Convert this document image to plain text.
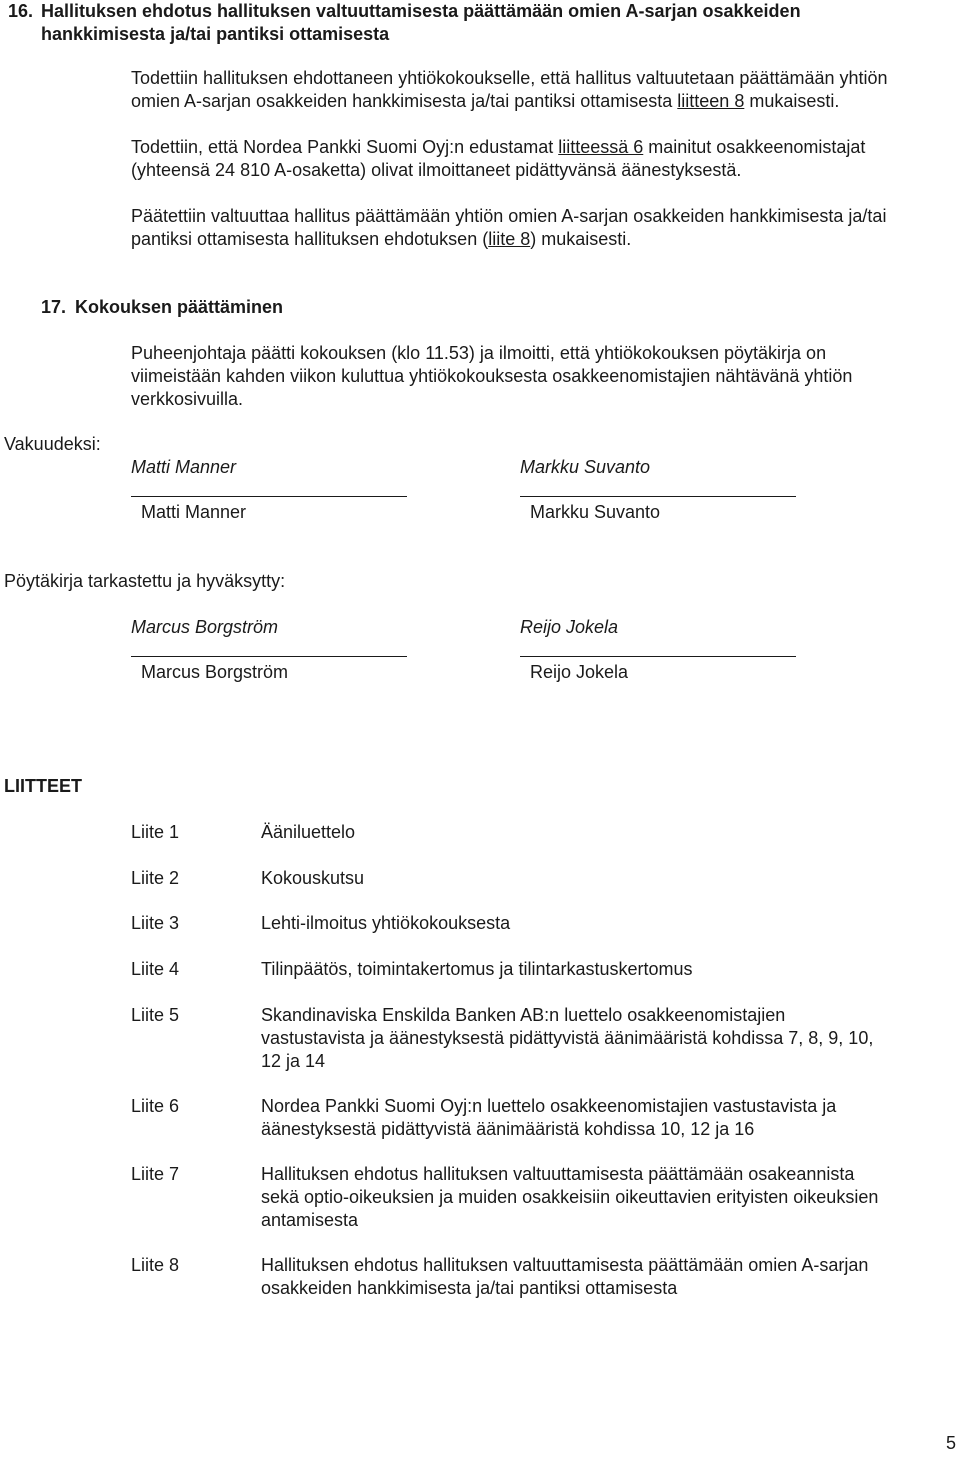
16. Hallituksen ehdotus hallituksen valtuuttamisesta päättämään omien A-sarjan osakkeiden
hankkimisesta ja/tai pantiksi ottamisesta

Todettiin hallituksen ehdottaneen yhtiökokoukselle, että hallitus valtuutetaan päättämään yhtiön

omien A-sarjan osakkeiden hankkimisesta ja/tai pantiksi ottamisesta liitteen 8 mukaisesti.

Todettiin, että Nordea Pankki Suomi Oyj:n edustamat liitteessä 6 mainitut osakkeenomistajat

(yhteensä 24 810 A-osaketta) olivat ilmoittaneet pidättyvänsä äänestyksestä.

Päätettiin valtuuttaa hallitus päättämään yhtiön omien A-sarjan osakkeiden hankkimisesta ja/tai

pantiksi ottamisesta hallituksen ehdotuksen (liite 8) mukaisesti.

17. Kokouksen päättäminen

Puheenjohtaja päätti kokouksen (klo 11.53) ja ilmoitti, että yhtiökokouksen pöytäkirja on

viimeistään kahden viikon kuluttua yhtiökokouksesta osakkeenomistajien nähtävänä yhtiön

verkkosivuilla.

Vakuudeksi:
Matti Manner
Matti Manner
Markku Suvanto
Markku Suvanto
Pöytäkirja tarkastettu ja hyväksytty:
Marcus Borgström
Marcus Borgström
Reijo Jokela
Reijo Jokela
LIITTEET
Liite 1	Ääniluettelo
Liite 2	Kokouskutsu
Liite 3	Lehti-ilmoitus yhtiökokouksesta
Liite 4	Tilinpäätös, toimintakertomus ja tilintarkastuskertomus
Liite 5	Skandinaviska Enskilda Banken AB:n luettelo osakkeenomistajien
vastustavista ja äänestyksestä pidättyvistä äänimääristä kohdissa 7, 8, 9, 10,
12 ja 14
Liite 6	Nordea Pankki Suomi Oyj:n luettelo osakkeenomistajien vastustavista ja
äänestyksestä pidättyvistä äänimääristä kohdissa 10, 12 ja 16
Liite 7	Hallituksen ehdotus hallituksen valtuuttamisesta päättämään osakeannista
sekä optio-oikeuksien ja muiden osakkeisiin oikeuttavien erityisten oikeuksien
antamisesta
Liite 8	Hallituksen ehdotus hallituksen valtuuttamisesta päättämään omien A-sarjan
osakkeiden hankkimisesta ja/tai pantiksi ottamisesta
5
